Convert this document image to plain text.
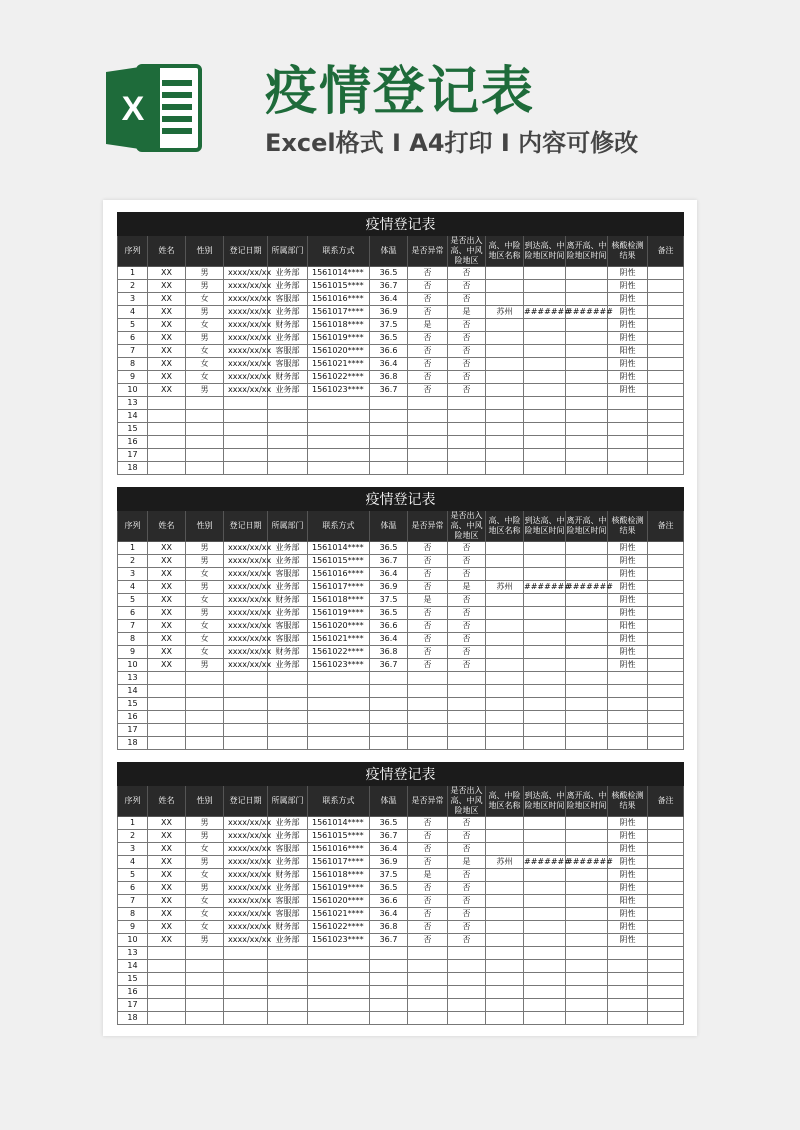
X 疫情登记表
Excel格式 I A4打印 I 内容可修改
疫情登记表													
序列	姓名	性别	登记日期	所属部门	联系方式	体温	是否异常	是否出入高、中风险地区	高、中险地区名称	到达高、中险地区时间	离开高、中险地区时间	核酸检测结果	备注
1	XX	男	xxxx/xx/xx	业务部	1561014****	36.5	否	否				阴性	
2	XX	男	xxxx/xx/xx	业务部	1561015****	36.7	否	否				阴性	
3	XX	女	xxxx/xx/xx	客服部	1561016****	36.4	否	否				阴性	
4	XX	男	xxxx/xx/xx	业务部	1561017****	36.9	否	是	苏州	#######	#######	阴性	
5	XX	女	xxxx/xx/xx	财务部	1561018****	37.5	是	否				阴性	
6	XX	男	xxxx/xx/xx	业务部	1561019****	36.5	否	否				阴性	
7	XX	女	xxxx/xx/xx	客服部	1561020****	36.6	否	否				阳性	
8	XX	女	xxxx/xx/xx	客服部	1561021****	36.4	否	否				阴性	
9	XX	女	xxxx/xx/xx	财务部	1561022****	36.8	否	否				阴性	
10	XX	男	xxxx/xx/xx	业务部	1561023****	36.7	否	否				阴性	
13													
14													
15													
16													
17													
18													
疫情登记表													
序列	姓名	性别	登记日期	所属部门	联系方式	体温	是否异常	是否出入高、中风险地区	高、中险地区名称	到达高、中险地区时间	离开高、中险地区时间	核酸检测结果	备注
1	XX	男	xxxx/xx/xx	业务部	1561014****	36.5	否	否				阴性	
2	XX	男	xxxx/xx/xx	业务部	1561015****	36.7	否	否				阴性	
3	XX	女	xxxx/xx/xx	客服部	1561016****	36.4	否	否				阴性	
4	XX	男	xxxx/xx/xx	业务部	1561017****	36.9	否	是	苏州	#######	#######	阴性	
5	XX	女	xxxx/xx/xx	财务部	1561018****	37.5	是	否				阴性	
6	XX	男	xxxx/xx/xx	业务部	1561019****	36.5	否	否				阴性	
7	XX	女	xxxx/xx/xx	客服部	1561020****	36.6	否	否				阳性	
8	XX	女	xxxx/xx/xx	客服部	1561021****	36.4	否	否				阴性	
9	XX	女	xxxx/xx/xx	财务部	1561022****	36.8	否	否				阴性	
10	XX	男	xxxx/xx/xx	业务部	1561023****	36.7	否	否				阴性	
13													
14													
15													
16													
17													
18													
疫情登记表													
序列	姓名	性别	登记日期	所属部门	联系方式	体温	是否异常	是否出入高、中风险地区	高、中险地区名称	到达高、中险地区时间	离开高、中险地区时间	核酸检测结果	备注
1	XX	男	xxxx/xx/xx	业务部	1561014****	36.5	否	否				阴性	
2	XX	男	xxxx/xx/xx	业务部	1561015****	36.7	否	否				阴性	
3	XX	女	xxxx/xx/xx	客服部	1561016****	36.4	否	否				阴性	
4	XX	男	xxxx/xx/xx	业务部	1561017****	36.9	否	是	苏州	#######	#######	阴性	
5	XX	女	xxxx/xx/xx	财务部	1561018****	37.5	是	否				阴性	
6	XX	男	xxxx/xx/xx	业务部	1561019****	36.5	否	否				阴性	
7	XX	女	xxxx/xx/xx	客服部	1561020****	36.6	否	否				阳性	
8	XX	女	xxxx/xx/xx	客服部	1561021****	36.4	否	否				阴性	
9	XX	女	xxxx/xx/xx	财务部	1561022****	36.8	否	否				阴性	
10	XX	男	xxxx/xx/xx	业务部	1561023****	36.7	否	否				阴性	
13													
14													
15													
16													
17													
18													
